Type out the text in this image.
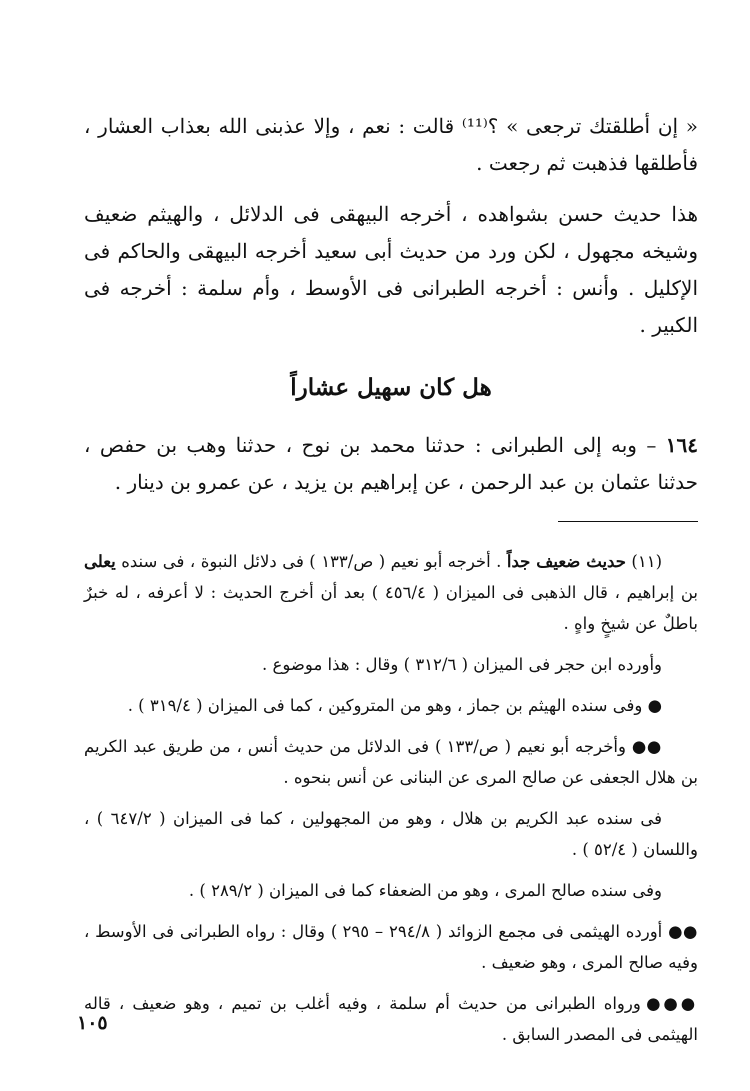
« إن أطلقتك ترجعى » ؟⁽¹¹⁾ قالت : نعم ، وإلا عذبنى الله بعذاب العشار ، فأطلقها فذهبت ثم رجعت .

هذا حديث حسن بشواهده ، أخرجه البيهقى فى الدلائل ، والهيثم ضعيف وشيخه مجهول ، لكن ورد من حديث أبى سعيد أخرجه البيهقى والحاكم فى الإكليل . وأنس : أخرجه الطبرانى فى الأوسط ، وأم سلمة : أخرجه فى الكبير .

هل كان سهيل عشاراً

١٦٤ – وبه إلى الطبرانى : حدثنا محمد بن نوح ، حدثنا وهب بن حفص ، حدثنا عثمان بن عبد الرحمن ، عن إبراهيم بن يزيد ، عن عمرو بن دينار .

(١١) حديث ضعيف جداً . أخرجه أبو نعيم ( ص/١٣٣ ) فى دلائل النبوة ، فى سنده يعلى بن إبراهيم ، قال الذهبى فى الميزان ( ٤٥٦/٤ ) بعد أن أخرج الحديث : لا أعرفه ، له خبرٌ باطلٌ عن شيخٍ واهٍ .

وأورده ابن حجر فى الميزان ( ٣١٢/٦ ) وقال : هذا موضوع .

● وفى سنده الهيثم بن جماز ، وهو من المتروكين ، كما فى الميزان ( ٣١٩/٤ ) .

●● وأخرجه أبو نعيم ( ص/١٣٣ ) فى الدلائل من حديث أنس ، من طريق عبد الكريم بن هلال الجعفى عن صالح المرى عن البنانى عن أنس بنحوه .

فى سنده عبد الكريم بن هلال ، وهو من المجهولين ، كما فى الميزان ( ٦٤٧/٢ ) ، واللسان ( ٥٢/٤ ) .

وفى سنده صالح المرى ، وهو من الضعفاء كما فى الميزان ( ٢٨٩/٢ ) .

●● أورده الهيثمى فى مجمع الزوائد ( ٢٩٤/٨ – ٢٩٥ ) وقال : رواه الطبرانى فى الأوسط ، وفيه صالح المرى ، وهو ضعيف .

●●● ورواه الطبرانى من حديث أم سلمة ، وفيه أغلب بن تميم ، وهو ضعيف ، قاله الهيثمى فى المصدر السابق .

١٠٥
